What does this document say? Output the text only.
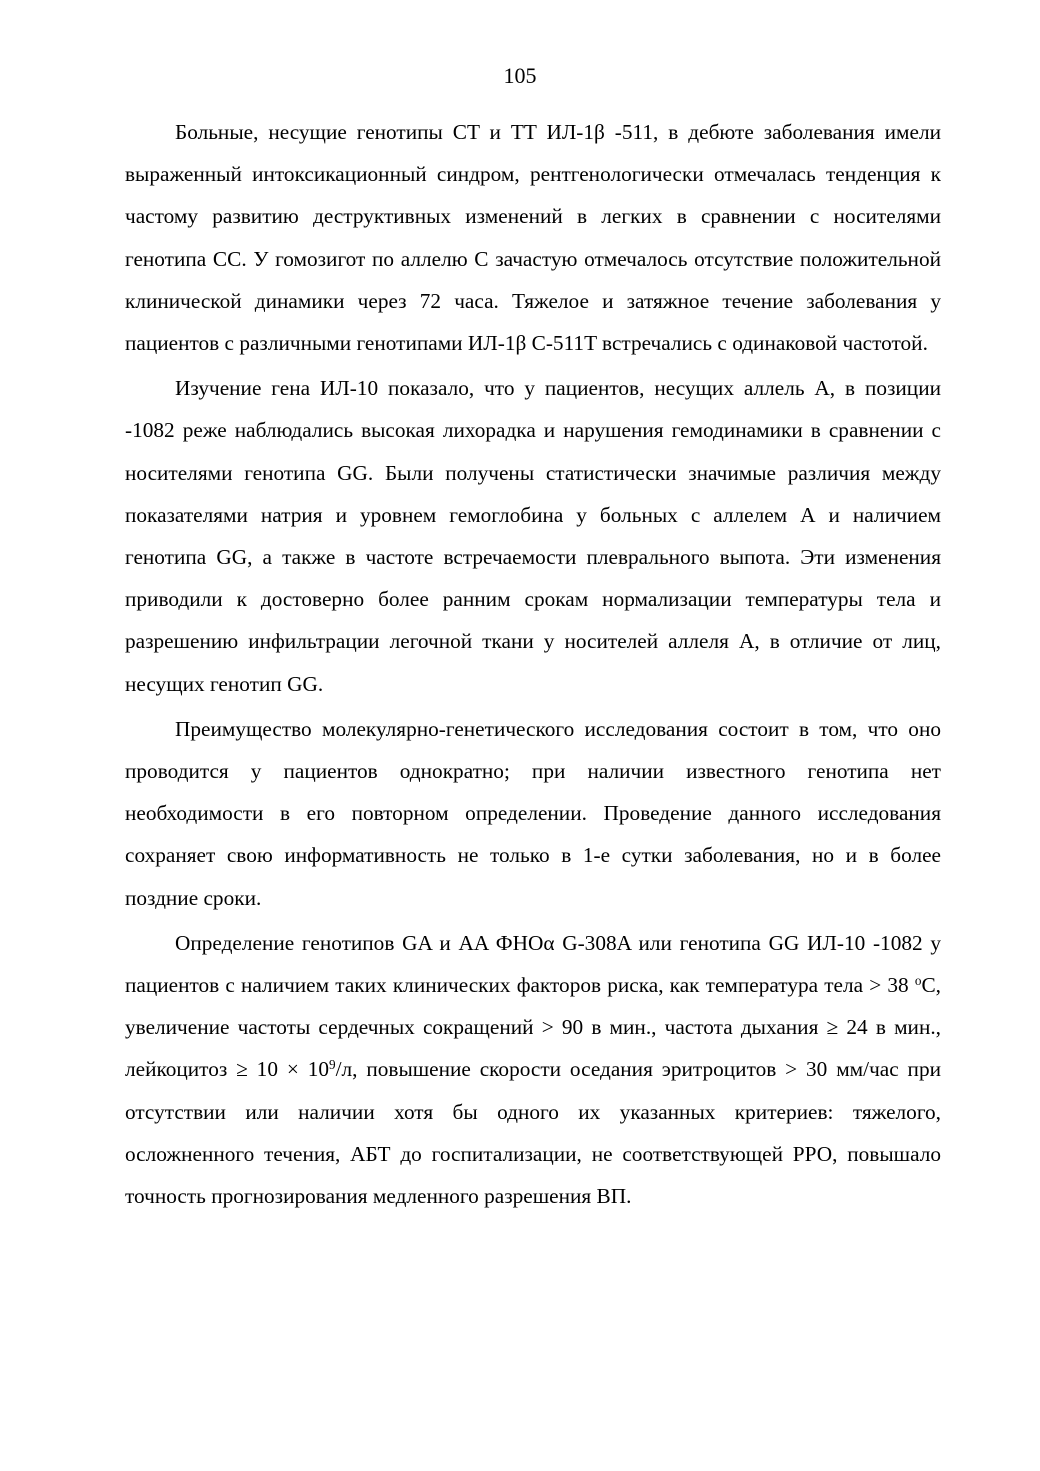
105

Больные, несущие генотипы CT и TT ИЛ-1β -511, в дебюте заболевания имели выраженный интоксикационный синдром, рентгенологически отмечалась тенденция к частому развитию деструктивных изменений в легких в сравнении с носителями генотипа CC. У гомозигот по аллелю C зачастую отмечалось отсутствие положительной клинической динамики через 72 часа. Тяжелое и затяжное течение заболевания у пациентов с различными генотипами ИЛ-1β C-511T встречались с одинаковой частотой.

Изучение гена ИЛ-10 показало, что у пациентов, несущих аллель А, в позиции -1082 реже наблюдались высокая лихорадка и нарушения гемодинамики в сравнении с носителями генотипа GG. Были получены статистически значимые различия между показателями натрия и уровнем гемоглобина у больных с аллелем А и наличием генотипа GG, а также в частоте встречаемости плеврального выпота. Эти изменения приводили к достоверно более ранним срокам нормализации температуры тела и разрешению инфильтрации легочной ткани у носителей аллеля А, в отличие от лиц, несущих генотип GG.

Преимущество молекулярно-генетического исследования состоит в том, что оно проводится у пациентов однократно; при наличии известного генотипа нет необходимости в его повторном определении. Проведение данного исследования сохраняет свою информативность не только в 1-е сутки заболевания, но и в более поздние сроки.

Определение генотипов GA и AA ФНОα G-308A или генотипа GG ИЛ-10 -1082 у пациентов с наличием таких клинических факторов риска, как температура тела > 38 $^o$С, увеличение частоты сердечных сокращений > 90 в мин., частота дыхания ≥ 24 в мин., лейкоцитоз ≥ $10 \times 10^9/л$, повышение скорости оседания эритроцитов > 30 мм/час при отсутствии или наличии хотя бы одного их указанных критериев: тяжелого, осложненного течения, АБТ до госпитализации, не соответствующей РРО, повышало точность прогнозирования медленного разрешения ВП.
